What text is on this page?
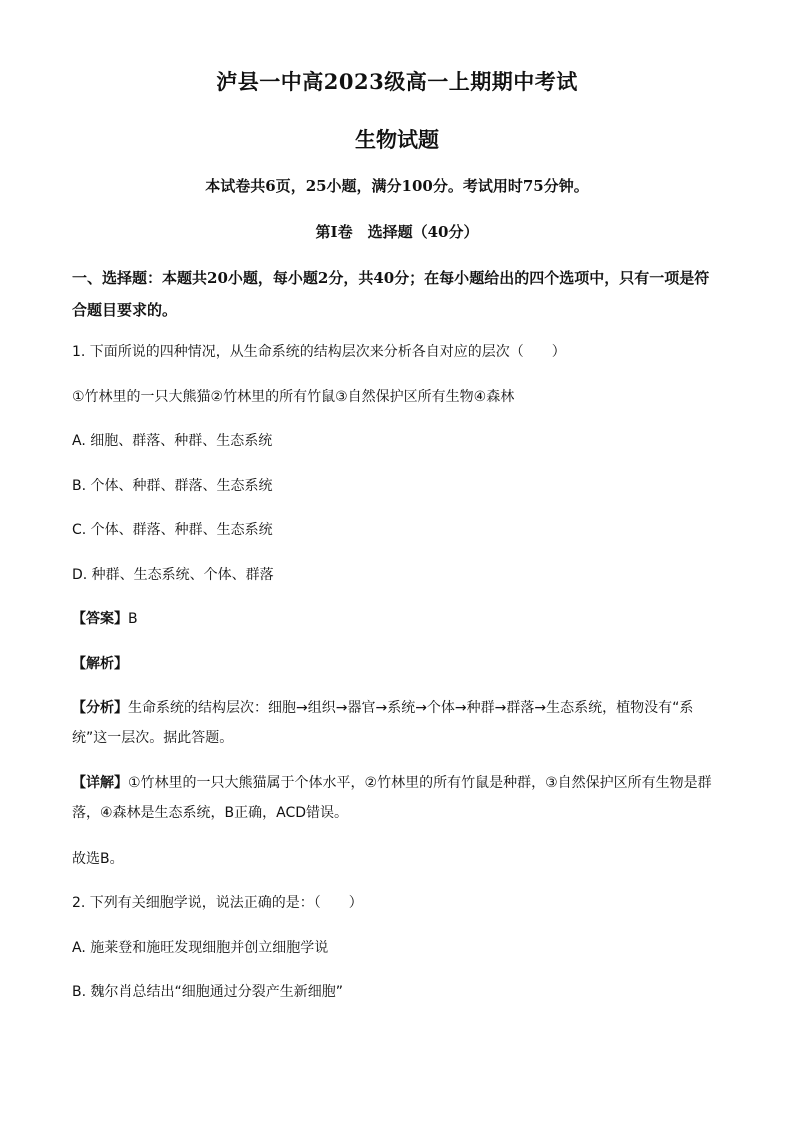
泸县一中高2023级高一上期期中考试
生物试题
本试卷共6页，25小题，满分100分。考试用时75分钟。
第I卷　选择题（40分）
一、选择题：本题共20小题，每小题2分，共40分；在每小题给出的四个选项中，只有一项是符合题目要求的。
1. 下面所说的四种情况，从生命系统的结构层次来分析各自对应的层次（　　）
①竹林里的一只大熊猫②竹林里的所有竹鼠③自然保护区所有生物④森林
A. 细胞、群落、种群、生态系统
B. 个体、种群、群落、生态系统
C. 个体、群落、种群、生态系统
D. 种群、生态系统、个体、群落
【答案】B
【解析】
【分析】生命系统的结构层次：细胞→组织→器官→系统→个体→种群→群落→生态系统，植物没有“系统”这一层次。据此答题。
【详解】①竹林里的一只大熊猫属于个体水平，②竹林里的所有竹鼠是种群，③自然保护区所有生物是群落，④森林是生态系统，B正确，ACD错误。
故选B。
2. 下列有关细胞学说，说法正确的是：（　　）
A. 施莱登和施旺发现细胞并创立细胞学说
B. 魏尔肖总结出“细胞通过分裂产生新细胞”
